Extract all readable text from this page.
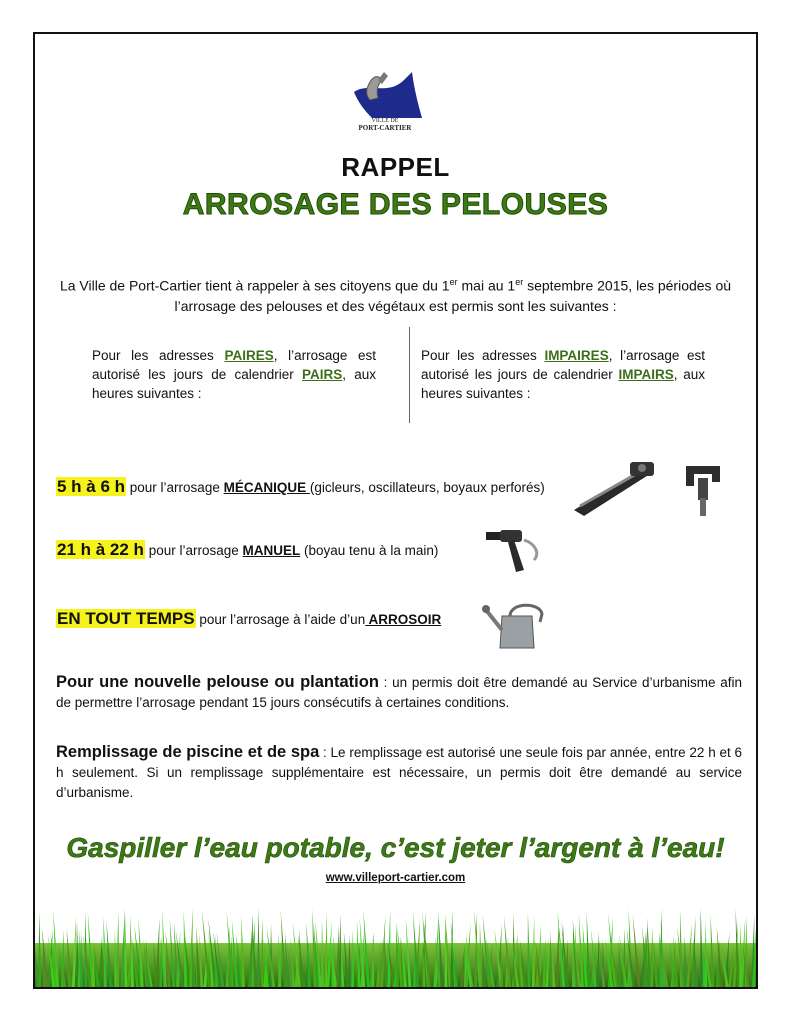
VILLE DE
PORT-CARTIER
RAPPEL
ARROSAGE DES PELOUSES
La Ville de Port-Cartier tient à rappeler à ses citoyens que du 1er mai au 1er septembre 2015, les périodes où
l’arrosage des pelouses et des végétaux est permis sont les suivantes :
Pour les adresses PAIRES, l’arrosage est autorisé les jours de calendrier PAIRS, aux heures suivantes :
Pour les adresses IMPAIRES, l’arrosage est autorisé les jours de calendrier IMPAIRS, aux heures suivantes :
5 h à 6 h pour l’arrosage MÉCANIQUE (gicleurs, oscillateurs, boyaux perforés)
21 h à 22 h pour l’arrosage MANUEL (boyau tenu à la main)
EN TOUT TEMPS pour l’arrosage à l’aide d’un ARROSOIR
Pour une nouvelle pelouse ou plantation : un permis doit être demandé au Service d’urbanisme afin de permettre l’arrosage pendant 15 jours consécutifs à certaines conditions.
Remplissage de piscine et de spa : Le remplissage est autorisé une seule fois par année, entre 22 h et 6 h seulement. Si un remplissage supplémentaire est nécessaire, un permis doit être demandé au service d’urbanisme.
Gaspiller l’eau potable, c’est jeter l’argent à l’eau!
www.villeport-cartier.com
